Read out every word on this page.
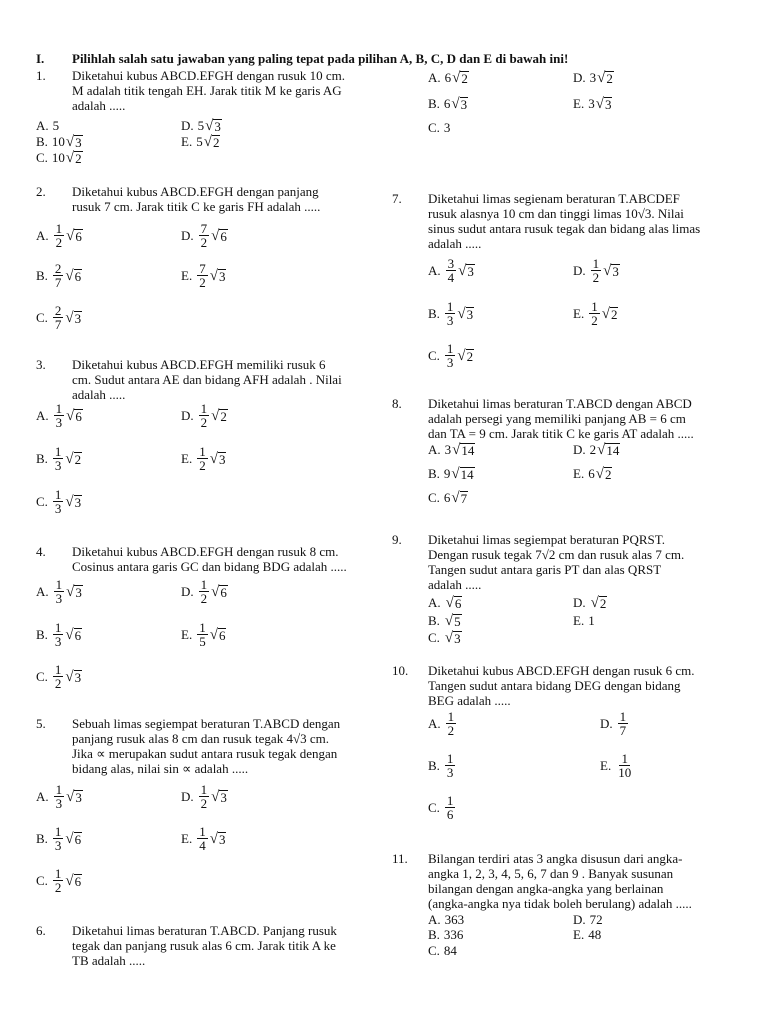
I. Pilihlah salah satu jawaban yang paling tepat pada pilihan A, B, C, D dan E di bawah ini!
1. Diketahui kubus ABCD.EFGH dengan rusuk 10 cm.
M adalah titik tengah EH. Jarak titik M ke garis AG
adalah .....
A. 5	D. 5 √ 3
B. 10 √ 3	E. 5 √ 2
C. 10 √ 2
2. Diketahui kubus ABCD.EFGH dengan panjang
rusuk 7 cm. Jarak titik C ke garis FH adalah .....
A. $\frac{1}{2}$ √ 6	D. $\frac{7}{2}$ √ 6
B. $\frac{2}{7}$ √ 6	E. $\frac{7}{2}$ √ 3
C. $\frac{2}{7}$ √ 3
3. Diketahui kubus ABCD.EFGH memiliki rusuk 6
cm. Sudut antara AE dan bidang AFH adalah . Nilai
adalah .....
A. $\frac{1}{3}$ √ 6	D. $\frac{1}{2}$ √ 2
B. $\frac{1}{3}$ √ 2	E. $\frac{1}{2}$ √ 3
C. $\frac{1}{3}$ √ 3
4. Diketahui kubus ABCD.EFGH dengan rusuk 8 cm.
Cosinus antara garis GC dan bidang BDG adalah .....
A. $\frac{1}{3}$ √ 3	D. $\frac{1}{2}$ √ 6
B. $\frac{1}{3}$ √ 6	E. $\frac{1}{5}$ √ 6
C. $\frac{1}{2}$ √ 3
5. Sebuah limas segiempat beraturan T.ABCD dengan
panjang rusuk alas 8 cm dan rusuk tegak 4√3 cm.
Jika ∝ merupakan sudut antara rusuk tegak dengan
bidang alas, nilai sin ∝ adalah .....
A. $\frac{1}{3}$ √ 3	D. $\frac{1}{2}$ √ 3
B. $\frac{1}{3}$ √ 6	E. $\frac{1}{4}$ √ 3
C. $\frac{1}{2}$ √ 6
6. Diketahui limas beraturan T.ABCD. Panjang rusuk
tegak dan panjang rusuk alas 6 cm. Jarak titik A ke
TB adalah .....
A. 6 √ 2	D. 3 √ 2
B. 6 √ 3	E. 3 √ 3
C. 3
7. Diketahui limas segienam beraturan T.ABCDEF
rusuk alasnya 10 cm dan tinggi limas 10√3. Nilai
sinus sudut antara rusuk tegak dan bidang alas limas
adalah .....
A. $\frac{3}{4}$ √ 3	D. $\frac{1}{2}$ √ 3
B. $\frac{1}{3}$ √ 3	E. $\frac{1}{2}$ √ 2
C. $\frac{1}{3}$ √ 2
8. Diketahui limas beraturan T.ABCD dengan ABCD
adalah persegi yang memiliki panjang AB = 6 cm
dan TA = 9 cm. Jarak titik C ke garis AT adalah .....
A. 3 √ 14	D. 2 √ 14
B. 9 √ 14	E. 6 √ 2
C. 6 √ 7
9. Diketahui limas segiempat beraturan PQRST.
Dengan rusuk tegak 7√2 cm dan rusuk alas 7 cm.
Tangen sudut antara garis PT dan alas QRST
adalah .....
A. √ 6	D. √ 2
B. √ 5	E. 1
C. √ 3
10. Diketahui kubus ABCD.EFGH dengan rusuk 6 cm.
Tangen sudut antara bidang DEG dengan bidang
BEG adalah .....
A. $\frac{1}{2}$	D. $\frac{1}{7}$
B. $\frac{1}{3}$	E. $\frac{1}{10}$
C. $\frac{1}{6}$
11. Bilangan terdiri atas 3 angka disusun dari angka-
angka 1, 2, 3, 4, 5, 6, 7 dan 9 . Banyak susunan
bilangan dengan angka-angka yang berlainan
(angka-angka nya tidak boleh berulang) adalah .....
A. 363	D. 72
B. 336	E. 48
C. 84
